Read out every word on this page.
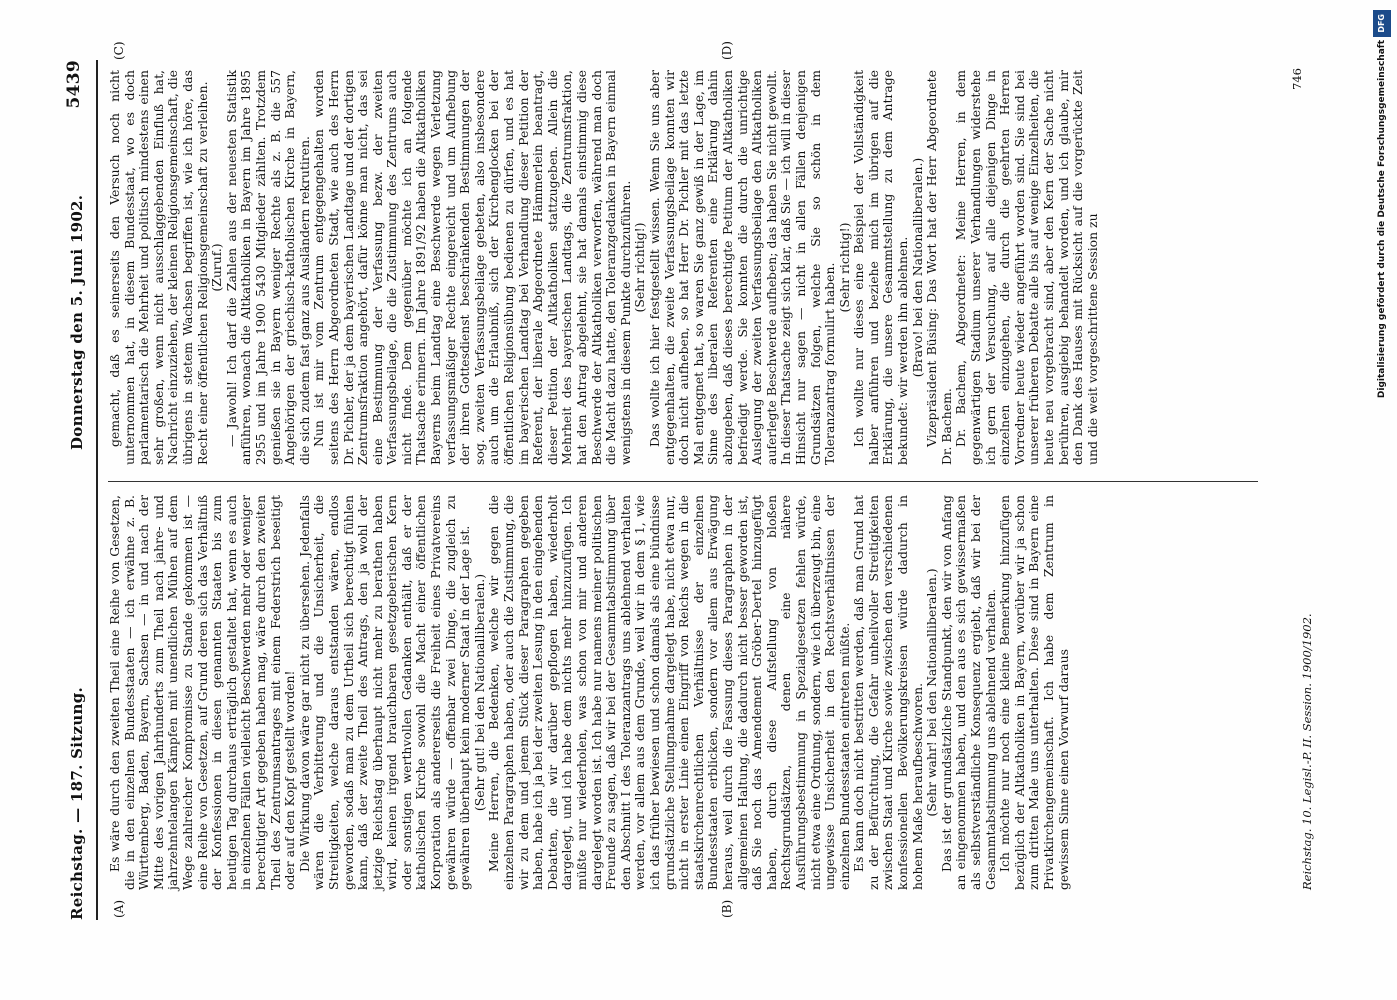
Reichstag. — 187. Sitzung.
Donnerstag den 5. Juni 1902.
5439
(A)	(B)
(C)	(D)

Es wäre durch den zweiten Theil eine Reihe von Gesetzen, die in den einzelnen Bundesstaaten — ich erwähne z. B. Württemberg, Baden, Bayern, Sachsen — in und nach der Mitte des vorigen Jahrhunderts zum Theil nach jahre- und jahrzehntelangen Kämpfen mit unendlichen Mühen auf dem Wege zahlreicher Kompromisse zu Stande gekommen ist — eine Reihe von Gesetzen, auf Grund deren sich das Verhältniß der Konfessionen in diesen genannten Staaten bis zum heutigen Tag durchaus erträglich gestaltet hat, wenn es auch in einzelnen Fällen vielleicht Beschwerden mehr oder weniger berechtigter Art gegeben haben mag, wäre durch den zweiten Theil des Zentrumsantrages mit einem Federstrich beseitigt oder auf den Kopf gestellt worden! Die Wirkung davon wäre gar nicht zu übersehen. Jedenfalls wären die Verbitterung und die Unsicherheit, die Streitigkeiten, welche daraus entstanden wären, endlos geworden, sodaß man zu dem Urtheil sich berechtigt fühlen kann, daß der zweite Theil des Antrags, den ja wohl der jetzige Reichstag überhaupt nicht mehr zu berathen haben wird, keinen irgend brauchbaren gesetzgeberischen Kern oder sonstigen werthvollen Gedanken enthält, daß er der katholischen Kirche sowohl die Macht einer öffentlichen Korporation als andererseits die Freiheit eines Privatvereins gewähren würde — offenbar zwei Dinge, die zugleich zu gewähren überhaupt kein moderner Staat in der Lage ist. (Sehr gut! bei den Nationalliberalen.) Meine Herren, die Bedenken, welche wir gegen die einzelnen Paragraphen haben, oder auch die Zustimmung, die wir zu dem und jenem Stück dieser Paragraphen gegeben haben, habe ich ja bei der zweiten Lesung in den eingehenden Debatten, die wir darüber gepflogen haben, wiederholt dargelegt, und ich habe dem nichts mehr hinzuzufügen. Ich müßte nur wiederholen, was schon von mir und anderen dargelegt worden ist. Ich habe nur namens meiner politischen Freunde zu sagen, daß wir bei der Gesammtabstimmung über den Abschnitt I des Toleranzantrags uns ablehnend verhalten werden, vor allem aus dem Grunde, weil wir in dem § 1, wie ich das früher bewiesen und schon damals als eine bündnisse grundsätzliche Stellungnahme dargelegt habe, nicht etwa nur, nicht in erster Linie einen Eingriff von Reichs wegen in die staatskirchenrechtlichen Verhältnisse der einzelnen Bundesstaaten erblicken, sondern vor allem aus Erwägung heraus, weil durch die Fassung dieses Paragraphen in der allgemeinen Haltung, die dadurch nicht besser geworden ist, daß Sie noch das Amendement Gröber-Dertel hinzugefügt haben, durch diese Aufstellung von bloßen Rechtsgrundsätzen, denen eine nähere Ausführungsbestimmung in Spezialgesetzen fehlen würde, nicht etwa eine Ordnung, sondern, wie ich überzeugt bin, eine ungewisse Unsicherheit in den Rechtsverhältnissen der einzelnen Bundesstaaten eintreten müßte. Es kann doch nicht bestritten werden, daß man Grund hat zu der Befürchtung, die Gefahr unheilvoller Streitigkeiten zwischen Staat und Kirche sowie zwischen den verschiedenen konfessionellen Bevölkerungskreisen würde dadurch in hohem Maße heraufbeschworen. (Sehr wahr! bei den Nationalliberalen.) Das ist der grundsätzliche Standpunkt, den wir von Anfang an eingenommen haben, und den aus es sich gewissermaßen als selbstverständliche Konsequenz ergiebt, daß wir bei der Gesammtabstimmung uns ablehnend verhalten. Ich möchte nur noch eine kleine Bemerkung hinzufügen bezüglich der Altkatholiken in Bayern, worüber wir ja schon zum dritten Male uns unterhalten. Diese sind in Bayern eine Privatkirchengemeinschaft. Ich habe dem Zentrum in gewissem Sinne einen Vorwurf daraus

gemacht, daß es seinerseits den Versuch noch nicht unternommen hat, in diesem Bundesstaat, wo es doch parlamentarisch die Mehrheit und politisch mindestens einen sehr großen, wenn nicht ausschlaggebenden Einfluß hat, Nachricht einzuziehen, der kleinen Religionsgemeinschaft, die übrigens in stetem Wachsen begriffen ist, wie ich höre, das Recht einer öffentlichen Religionsgemeinschaft zu verleihen. (Zuruf.) — Jawohl! Ich darf die Zahlen aus der neuesten Statistik anführen, wonach die Altkatholiken in Bayern im Jahre 1895 2955 und im Jahre 1900 5430 Mitglieder zählten. Trotzdem genießen sie in Bayern weniger Rechte als z. B. die 557 Angehörigen der griechisch-katholischen Kirche in Bayern, die sich zudem fast ganz aus Ausländern rekrutiren. Nun ist mir vom Zentrum entgegengehalten worden seitens des Herrn Abgeordneten Stadt, wie auch des Herrn Dr. Pichler, der ja dem bayerischen Landtage und der dortigen Zentrumsfraktion angehört, dafür könne man nicht, das sei eine Bestimmung der Verfassung bezw. der zweiten Verfassungsbeilage, die die Zustimmung des Zentrums auch nicht finde. Dem gegenüber möchte ich an folgende Thatsache erinnern. Im Jahre 1891/92 haben die Altkatholiken Bayerns beim Landtag eine Beschwerde wegen Verletzung verfassungsmäßiger Rechte eingereicht und um Aufhebung der ihren Gottesdienst beschränkenden Bestimmungen der sog. zweiten Verfassungsbeilage gebeten, also insbesondere auch um die Erlaubniß, sich der Kirchenglocken bei der öffentlichen Religionsübung bedienen zu dürfen, und es hat im bayerischen Landtag bei Verhandlung dieser Petition der Referent, der liberale Abgeordnete Hämmerlein beantragt, dieser Petition der Altkatholiken stattzugeben. Allein die Mehrheit des bayerischen Landtags, die Zentrumsfraktion, hat den Antrag abgelehnt, sie hat damals einstimmig diese Beschwerde der Altkatholiken verworfen, während man doch die Macht dazu hatte, den Toleranzgedanken in Bayern einmal wenigstens in diesem Punkte durchzuführen. (Sehr richtig!) Das wollte ich hier festgestellt wissen. Wenn Sie uns aber entgegenhalten, die zweite Verfassungsbeilage konnten wir doch nicht aufheben, so hat Herr Dr. Pichler mit das letzte Mal entgegnet hat, so waren Sie ganz gewiß in der Lage, im Sinne des liberalen Referenten eine Erklärung dahin abzugeben, daß dieses berechtigte Petitum der Altkatholiken befriedigt werde. Sie konnten die durch die unrichtige Auslegung der zweiten Verfassungsbeilage den Altkatholiken auferlegte Beschwerde aufheben; das haben Sie nicht gewollt. In dieser Thatsache zeigt sich klar, daß Sie — ich will in dieser Hinsicht nur sagen — nicht in allen Fällen denjenigen Grundsätzen folgen, welche Sie so schön in dem Toleranzantrag formulirt haben. (Sehr richtig!) Ich wollte nur dieses eine Beispiel der Vollständigkeit halber anführen und beziehe mich im übrigen auf die Erklärung, die unsere Gesammtstellung zu dem Antrage bekundet: wir werden ihn ablehnen. (Bravo! bei den Nationalliberalen.) Vizepräsident Büsing: Das Wort hat der Herr Abgeordnete Dr. Bachem. Dr. Bachem, Abgeordneter: Meine Herren, in dem gegenwärtigen Stadium unserer Verhandlungen widerstehe ich gern der Versuchung, auf alle diejenigen Dinge in einzelnen einzugehen, die durch die geehrten Herren Vorredner heute wieder angeführt worden sind. Sie sind bei unserer früheren Debatte alle bis auf wenige Einzelheiten, die heute neu vorgebracht sind, aber den Kern der Sache nicht berühren, ausgiebig behandelt worden, und ich glaube, mir den Dank des Hauses mit Rücksicht auf die vorgerückte Zeit und die weit vorgeschrittene Session zu

Reichstag. 10. Legisl.-P. II. Session. 1900/1902.
746	Digitalisierung gefördert durch die Deutsche Forschungsgemeinschaft
DFG
